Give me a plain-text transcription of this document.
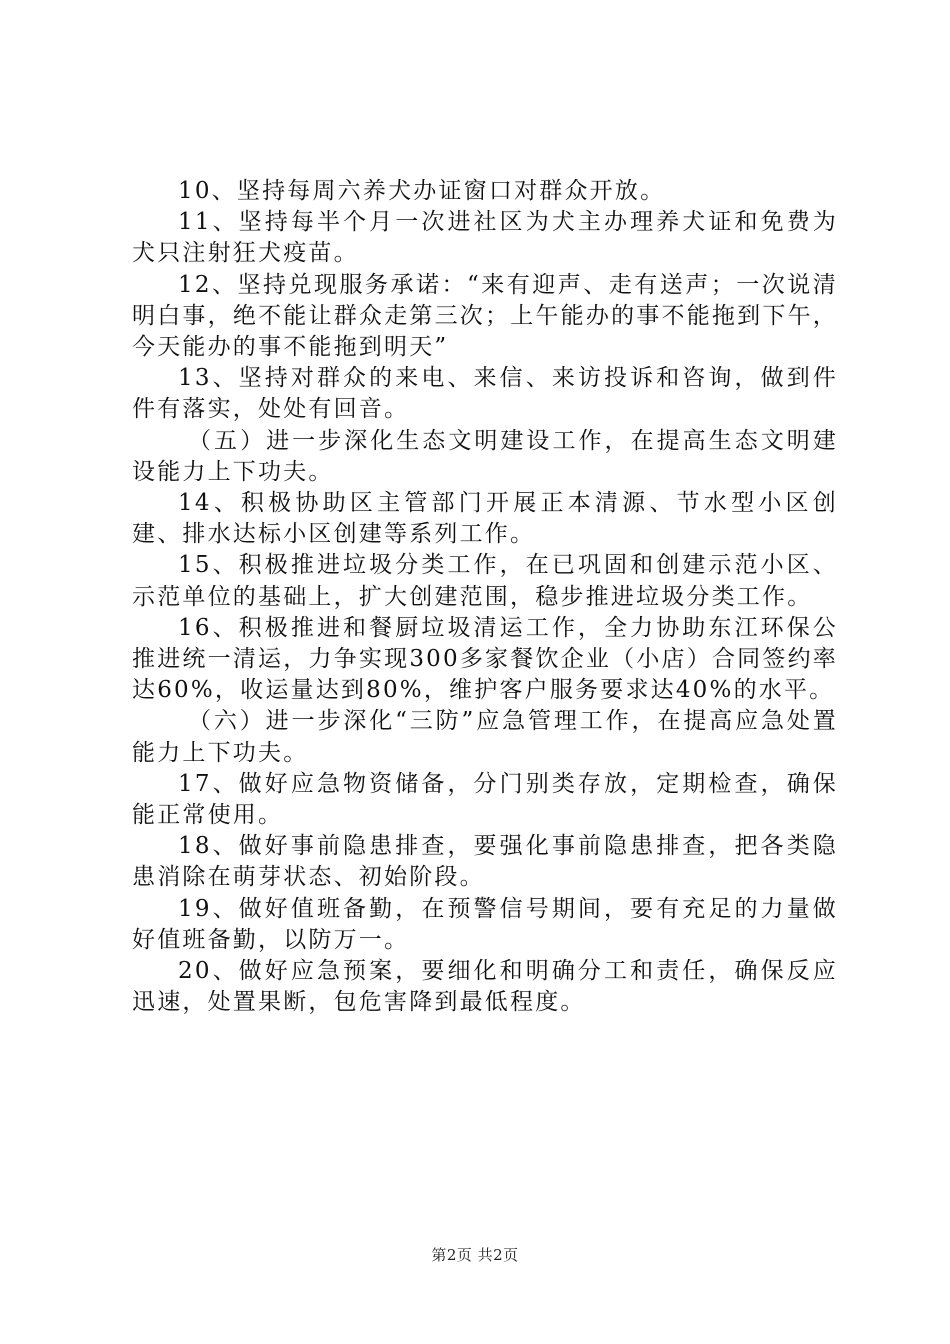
10、坚持每周六养犬办证窗口对群众开放。

11、坚持每半个月一次进社区为犬主办理养犬证和免费为犬只注射狂犬疫苗。

12、坚持兑现服务承诺：“来有迎声、走有送声；一次说清明白事，绝不能让群众走第三次；上午能办的事不能拖到下午，今天能办的事不能拖到明天”

13、坚持对群众的来电、来信、来访投诉和咨询，做到件件有落实，处处有回音。

（五）进一步深化生态文明建设工作，在提高生态文明建设能力上下功夫。

14、积极协助区主管部门开展正本清源、节水型小区创建、排水达标小区创建等系列工作。

15、积极推进垃圾分类工作，在已巩固和创建示范小区、示范单位的基础上，扩大创建范围，稳步推进垃圾分类工作。

16、积极推进和餐厨垃圾清运工作，全力协助东江环保公推进统一清运，力争实现300多家餐饮企业（小店）合同签约率达60%，收运量达到80%，维护客户服务要求达40%的水平。

（六）进一步深化“三防”应急管理工作，在提高应急处置能力上下功夫。

17、做好应急物资储备，分门别类存放，定期检查，确保能正常使用。

18、做好事前隐患排查，要强化事前隐患排查，把各类隐患消除在萌芽状态、初始阶段。

19、做好值班备勤，在预警信号期间，要有充足的力量做好值班备勤，以防万一。

20、做好应急预案，要细化和明确分工和责任，确保反应迅速，处置果断，包危害降到最低程度。

第2页 共2页
